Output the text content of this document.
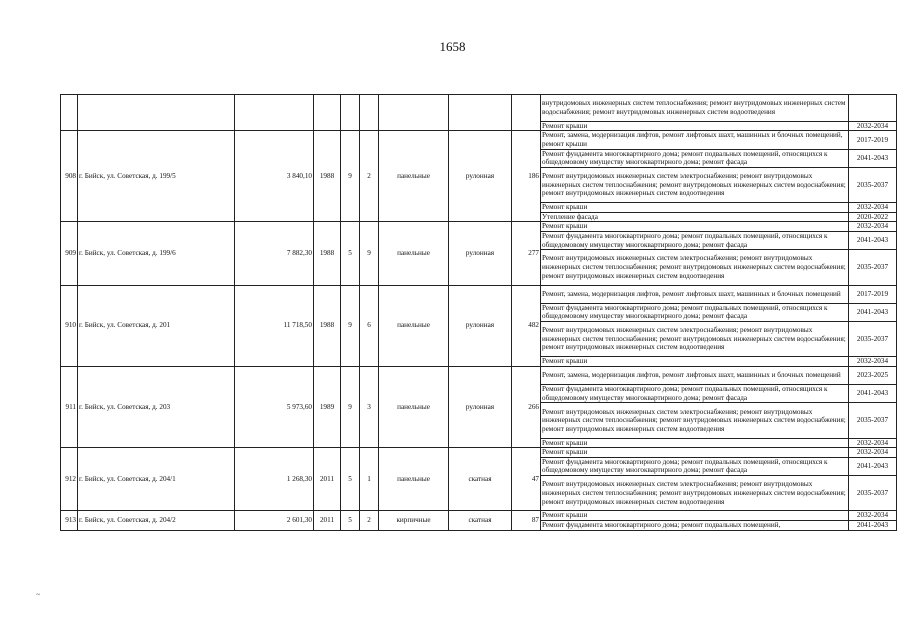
1658
									внутридомовых инженерных систем теплоснабжения; ремонт внутридомовых инженерных систем водоснабжения; ремонт внутридомовых инженерных систем водоотведения	
									Ремонт крыши	2032-2034
908	г. Бийск, ул. Советская, д. 199/5	3 840,10	1988	9	2	панельные	рулонная	186	Ремонт, замена, модернизация лифтов, ремонт лифтовых шахт, машинных и блочных помещений, ремонт крыши	2017-2019
									Ремонт фундамента многоквартирного дома; ремонт подвальных помещений, относящихся к общедомовому имуществу многоквартирного дома; ремонт фасада	2041-2043
									Ремонт внутридомовых инженерных систем электроснабжения; ремонт внутридомовых инженерных систем теплоснабжения; ремонт внутридомовых инженерных систем водоснабжения; ремонт внутридомовых инженерных систем водоотведения	2035-2037
									Ремонт крыши	2032-2034
									Утепление фасада	2020-2022
909	г. Бийск, ул. Советская, д. 199/6	7 882,30	1988	5	9	панельные	рулонная	277	Ремонт крыши	2032-2034
									Ремонт фундамента многоквартирного дома; ремонт подвальных помещений, относящихся к общедомовому имуществу многоквартирного дома; ремонт фасада	2041-2043
									Ремонт внутридомовых инженерных систем электроснабжения; ремонт внутридомовых инженерных систем теплоснабжения; ремонт внутридомовых инженерных систем водоснабжения; ремонт внутридомовых инженерных систем водоотведения	2035-2037
910	г. Бийск, ул. Советская, д. 201	11 718,50	1988	9	6	панельные	рулонная	482	Ремонт, замена, модернизация лифтов, ремонт лифтовых шахт, машинных и блочных помещений	2017-2019
									Ремонт фундамента многоквартирного дома; ремонт подвальных помещений, относящихся к общедомовому имуществу многоквартирного дома; ремонт фасада	2041-2043
									Ремонт внутридомовых инженерных систем электроснабжения; ремонт внутридомовых инженерных систем теплоснабжения; ремонт внутридомовых инженерных систем водоснабжения; ремонт внутридомовых инженерных систем водоотведения	2035-2037
									Ремонт крыши	2032-2034
911	г. Бийск, ул. Советская, д. 203	5 973,60	1989	9	3	панельные	рулонная	266	Ремонт, замена, модернизация лифтов, ремонт лифтовых шахт, машинных и блочных помещений	2023-2025
									Ремонт фундамента многоквартирного дома; ремонт подвальных помещений, относящихся к общедомовому имуществу многоквартирного дома; ремонт фасада	2041-2043
									Ремонт внутридомовых инженерных систем электроснабжения; ремонт внутридомовых инженерных систем теплоснабжения; ремонт внутридомовых инженерных систем водоснабжения; ремонт внутридомовых инженерных систем водоотведения	2035-2037
									Ремонт крыши	2032-2034
912	г. Бийск, ул. Советская, д. 204/1	1 268,30	2011	5	1	панельные	скатная	47	Ремонт крыши	2032-2034
									Ремонт фундамента многоквартирного дома; ремонт подвальных помещений, относящихся к общедомовому имуществу многоквартирного дома; ремонт фасада	2041-2043
									Ремонт внутридомовых инженерных систем электроснабжения; ремонт внутридомовых инженерных систем теплоснабжения; ремонт внутридомовых инженерных систем водоснабжения; ремонт внутридомовых инженерных систем водоотведения	2035-2037
913	г. Бийск, ул. Советская, д. 204/2	2 601,30	2011	5	2	кирпичные	скатная	87	Ремонт крыши	2032-2034
									Ремонт фундамента многоквартирного дома; ремонт подвальных помещений,	2041-2043
~
